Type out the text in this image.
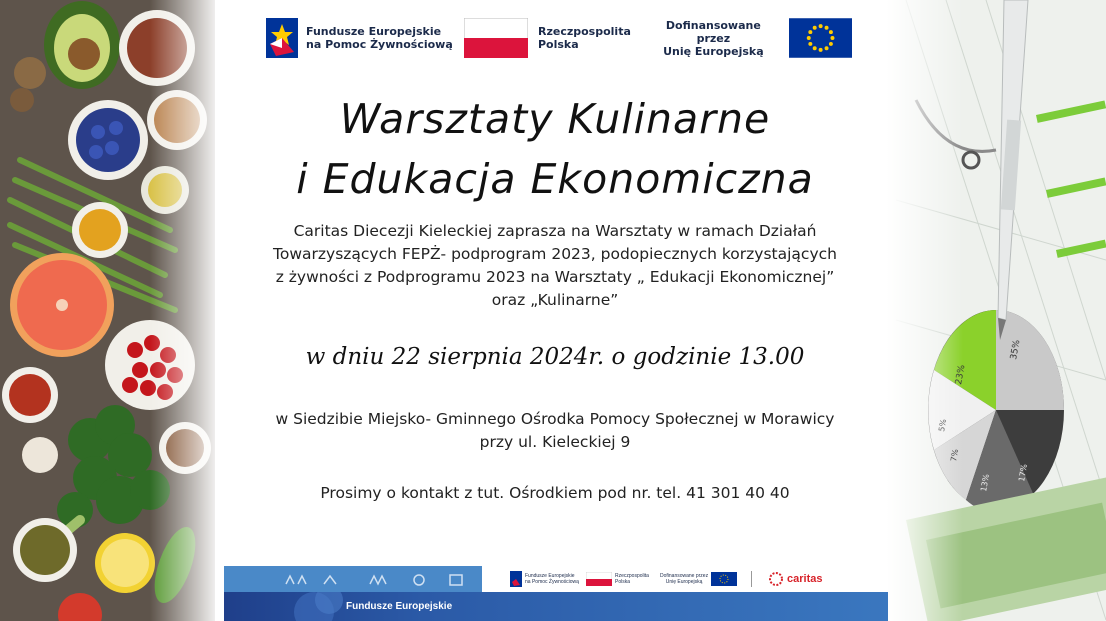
Fundusze Europejskie
na Pomoc Żywnościową
Rzeczpospolita
Polska
Dofinansowane przez
Unię Europejską
Warsztaty Kulinarne
i Edukacja Ekonomiczna
Caritas Diecezji Kieleckiej zaprasza na Warsztaty w ramach Działań
Towarzyszących FEPŻ- podprogram 2023, podopiecznych korzystających
z żywności z Podprogramu 2023 na Warsztaty „ Edukacji Ekonomicznej”
oraz „Kulinarne”
w dniu 22 sierpnia 2024r. o godzinie 13.00
w Siedzibie Miejsko- Gminnego Ośrodka Pomocy Społecznej w Morawicy
przy ul. Kieleckiej 9
Prosimy o kontakt z tut. Ośrodkiem pod nr. tel. 41 301 40 40
Fundusze Europejskie
na Pomoc Żywnościową
Rzeczpospolita
Polska
Dofinansowane przez
Unię Europejską	caritas
Fundusze Europejskie
